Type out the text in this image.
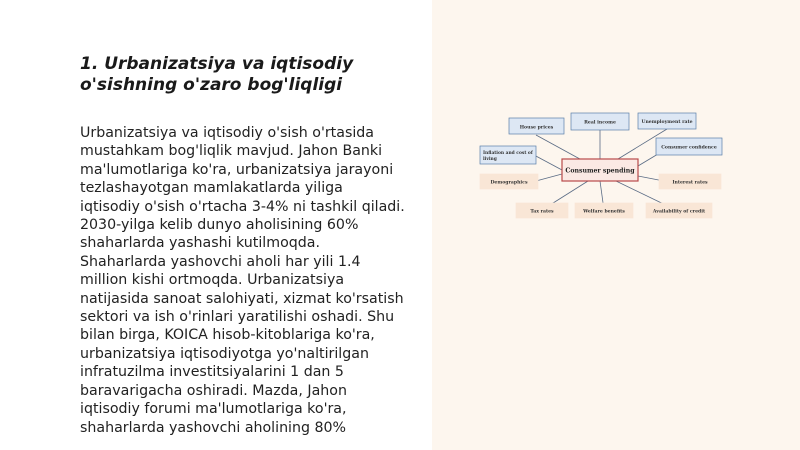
1. Urbanizatsiya va iqtisodiy
o'sishning o'zaro bog'liqligi

Urbanizatsiya va iqtisodiy o'sish o'rtasida
mustahkam bog'liqlik mavjud. Jahon Banki
ma'lumotlariga ko'ra, urbanizatsiya jarayoni
tezlashayotgan mamlakatlarda yiliga
iqtisodiy o'sish o'rtacha 3-4% ni tashkil qiladi.
2030-yilga kelib dunyo aholisining 60%
shaharlarda yashashi kutilmoqda.
Shaharlarda yashovchi aholi har yili 1.4
million kishi ortmoqda. Urbanizatsiya
natijasida sanoat salohiyati, xizmat ko'rsatish
sektori va ish o'rinlari yaratilishi oshadi. Shu
bilan birga, KOICA hisob-kitoblariga ko'ra,
urbanizatsiya iqtisodiyotga yo'naltirilgan
infratuzilma investitsiyalarini 1 dan 5
baravarigacha oshiradi. Mazda, Jahon
iqtisodiy forumi ma'lumotlariga ko'ra,
shaharlarda yashovchi aholining 80%

House prices
Real income	Unemployment rate
Inflation and cost of
living
Consumer confidence
Demographics	Interest rates
Tax rates	Welfare benefits	Availability of credit
Consumer spending
